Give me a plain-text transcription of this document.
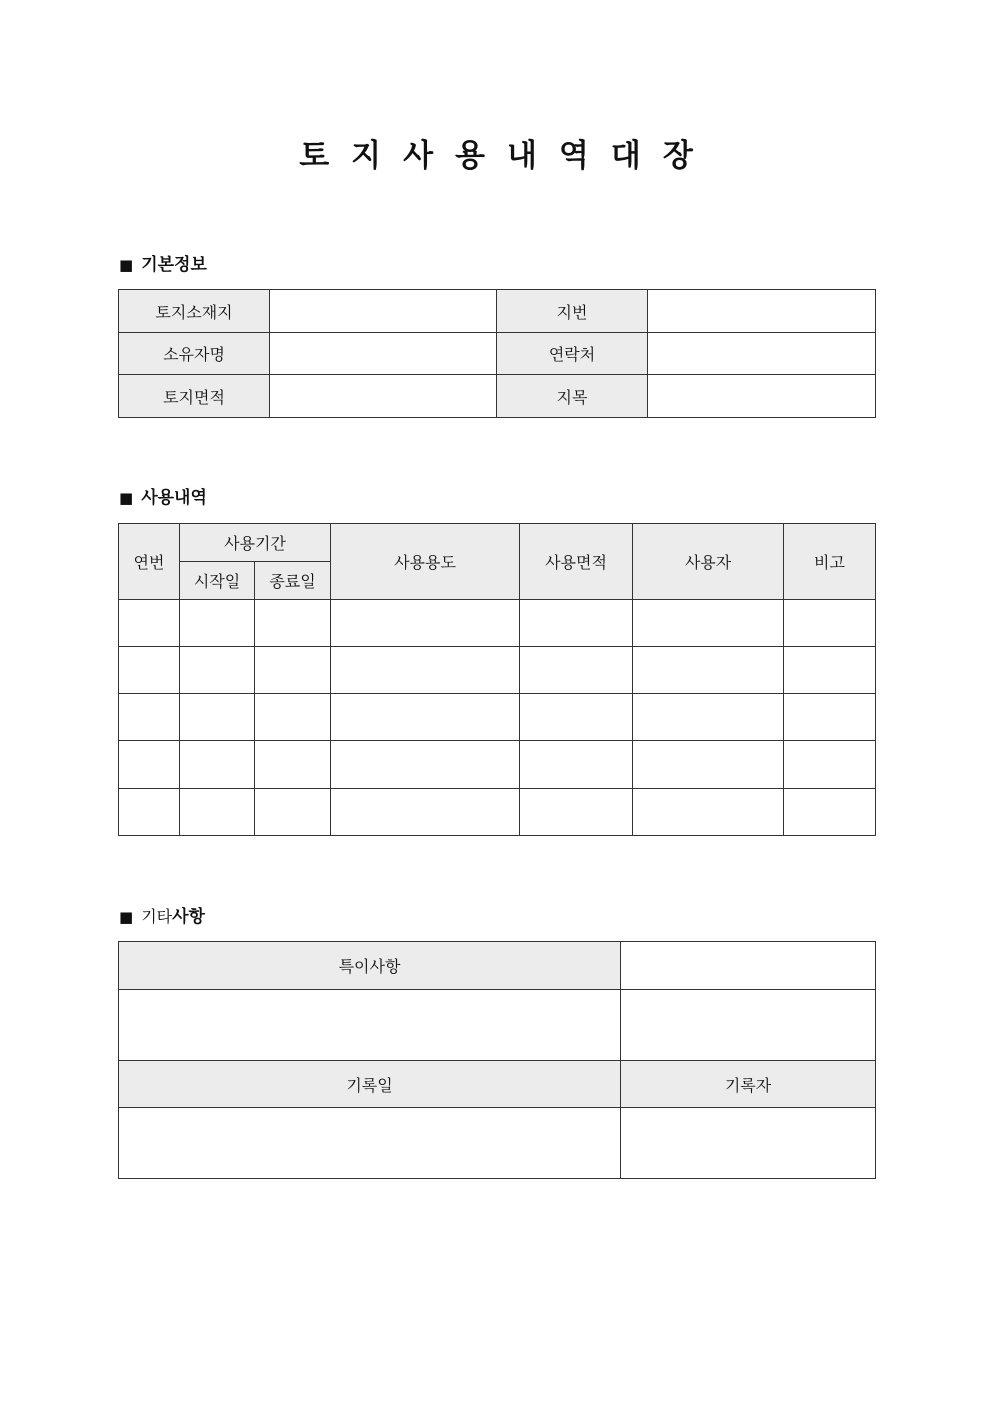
토지사용내역대장
■ 기본정보
토지소재지		지번	
소유자명		연락처	
토지면적		지목	
■ 사용내역
연번	사용기간		사용용도	사용면적	사용자	비고
	시작일	종료일				

■ 기타사항
특이사항	

기록일	기록자
